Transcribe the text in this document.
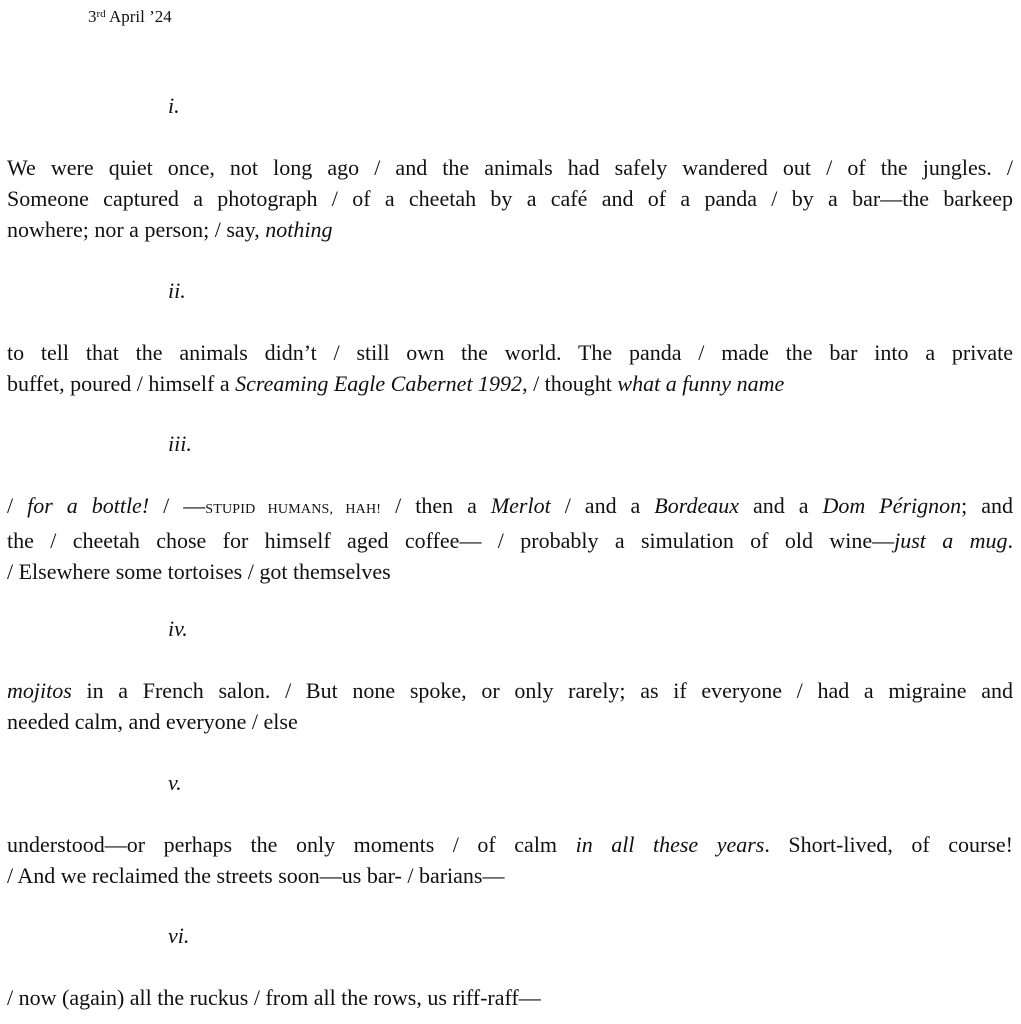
3rd April ’24
i.
We were quiet once, not long ago / and the animals had safely wandered out / of the jungles. /
Someone captured a photograph / of a cheetah by a café and of a panda / by a bar—the barkeep
nowhere; nor a person; / say, nothing
ii.
to tell that the animals didn’t / still own the world. The panda / made the bar into a private
buffet, poured / himself a Screaming Eagle Cabernet 1992, / thought what a funny name
iii.
/ for a bottle! / —STUPID HUMANS, HAH! / then a Merlot / and a Bordeaux and a Dom Pérignon; and
the / cheetah chose for himself aged coffee— / probably a simulation of old wine—just a mug.
/ Elsewhere some tortoises / got themselves
iv.
mojitos in a French salon. / But none spoke, or only rarely; as if everyone / had a migraine and
needed calm, and everyone / else
v.
understood—or perhaps the only moments / of calm in all these years. Short-lived, of course!
/ And we reclaimed the streets soon—us bar- / barians—
vi.
/ now (again) all the ruckus / from all the rows, us riff-raff—
